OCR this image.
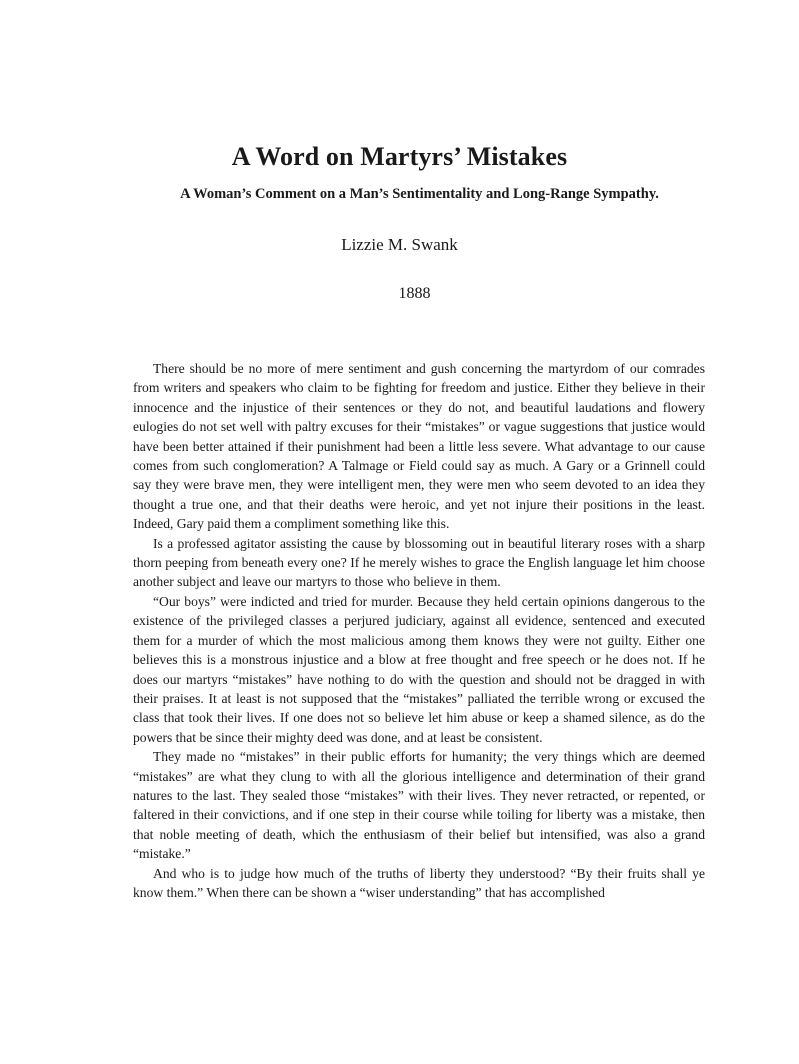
A Word on Martyrs’ Mistakes
A Woman’s Comment on a Man’s Sentimentality and Long-Range Sympathy.
Lizzie M. Swank
1888

There should be no more of mere sentiment and gush concerning the martyrdom of our comrades from writers and speakers who claim to be fighting for freedom and justice. Either they believe in their innocence and the injustice of their sentences or they do not, and beautiful laudations and flowery eulogies do not set well with paltry excuses for their “mistakes” or vague suggestions that justice would have been better attained if their punishment had been a little less severe. What advantage to our cause comes from such conglomeration? A Talmage or Field could say as much. A Gary or a Grinnell could say they were brave men, they were intelligent men, they were men who seem devoted to an idea they thought a true one, and that their deaths were heroic, and yet not injure their positions in the least. Indeed, Gary paid them a compliment something like this.

Is a professed agitator assisting the cause by blossoming out in beautiful literary roses with a sharp thorn peeping from beneath every one? If he merely wishes to grace the English language let him choose another subject and leave our martyrs to those who believe in them.

“Our boys” were indicted and tried for murder. Because they held certain opinions dangerous to the existence of the privileged classes a perjured judiciary, against all evidence, sentenced and executed them for a murder of which the most malicious among them knows they were not guilty. Either one believes this is a monstrous injustice and a blow at free thought and free speech or he does not. If he does our martyrs “mistakes” have nothing to do with the question and should not be dragged in with their praises. It at least is not supposed that the “mistakes” palliated the terrible wrong or excused the class that took their lives. If one does not so believe let him abuse or keep a shamed silence, as do the powers that be since their mighty deed was done, and at least be consistent.

They made no “mistakes” in their public efforts for humanity; the very things which are deemed “mistakes” are what they clung to with all the glorious intelligence and determination of their grand natures to the last. They sealed those “mistakes” with their lives. They never retracted, or repented, or faltered in their convictions, and if one step in their course while toiling for liberty was a mistake, then that noble meeting of death, which the enthusiasm of their belief but intensified, was also a grand “mistake.”

And who is to judge how much of the truths of liberty they understood? “By their fruits shall ye know them.” When there can be shown a “wiser understanding” that has accomplished
